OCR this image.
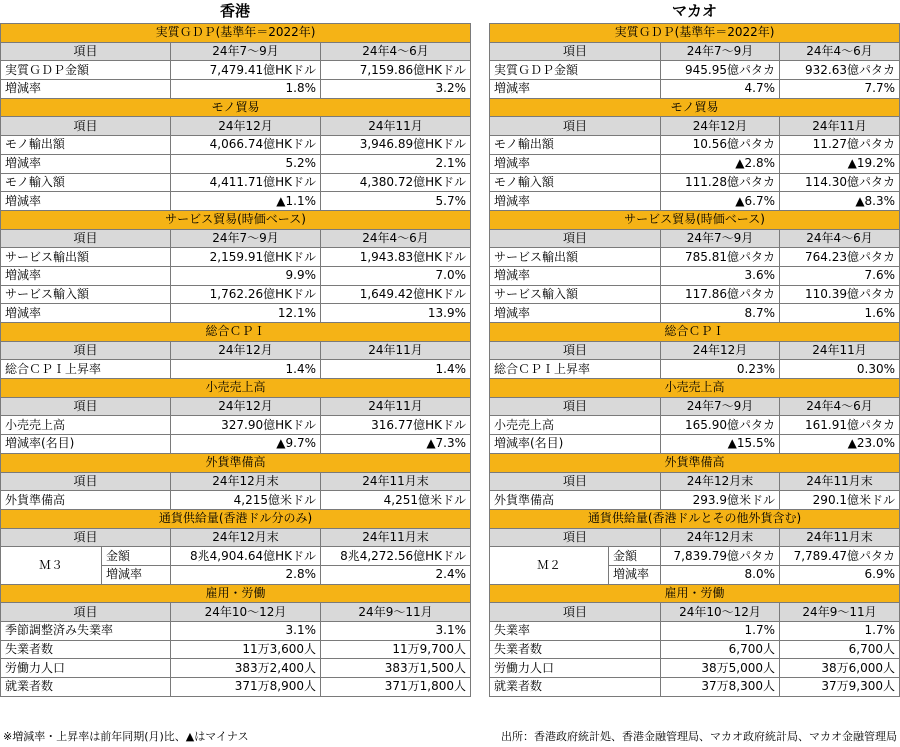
香港	マカオ
実質ＧＤＰ(基準年＝2022年)			
項目		24年7～9月	24年4～6月
実質ＧＤＰ金額		7,479.41億HKドル	7,159.86億HKドル
増減率		1.8%	3.2%
モノ貿易			
項目		24年12月	24年11月
モノ輸出額		4,066.74億HKドル	3,946.89億HKドル
増減率		5.2%	2.1%
モノ輸入額		4,411.71億HKドル	4,380.72億HKドル
増減率		▲1.1%	5.7%
サービス貿易(時価ベース)			
項目		24年7～9月	24年4～6月
サービス輸出額		2,159.91億HKドル	1,943.83億HKドル
増減率		9.9%	7.0%
サービス輸入額		1,762.26億HKドル	1,649.42億HKドル
増減率		12.1%	13.9%
総合ＣＰＩ			
項目		24年12月	24年11月
総合ＣＰＩ上昇率		1.4%	1.4%
小売売上高			
項目		24年12月	24年11月
小売売上高		327.90億HKドル	316.77億HKドル
増減率(名目)		▲9.7%	▲7.3%
外貨準備高			
項目		24年12月末	24年11月末
外貨準備高		4,215億米ドル	4,251億米ドル
通貨供給量(香港ドル分のみ)			
項目		24年12月末	24年11月末
Ｍ３	金額	8兆4,904.64億HKドル	8兆4,272.56億HKドル
	増減率	2.8%	2.4%
雇用・労働			
項目		24年10～12月	24年9～11月
季節調整済み失業率		3.1%	3.1%
失業者数		11万3,600人	11万9,700人
労働力人口		383万2,400人	383万1,500人
就業者数		371万8,900人	371万1,800人
実質ＧＤＰ(基準年＝2022年)			
項目		24年7～9月	24年4～6月
実質ＧＤＰ金額		945.95億パタカ	932.63億パタカ
増減率		4.7%	7.7%
モノ貿易			
項目		24年12月	24年11月
モノ輸出額		10.56億パタカ	11.27億パタカ
増減率		▲2.8%	▲19.2%
モノ輸入額		111.28億パタカ	114.30億パタカ
増減率		▲6.7%	▲8.3%
サービス貿易(時価ベース)			
項目		24年7～9月	24年4～6月
サービス輸出額		785.81億パタカ	764.23億パタカ
増減率		3.6%	7.6%
サービス輸入額		117.86億パタカ	110.39億パタカ
増減率		8.7%	1.6%
総合ＣＰＩ			
項目		24年12月	24年11月
総合ＣＰＩ上昇率		0.23%	0.30%
小売売上高			
項目		24年7～9月	24年4～6月
小売売上高		165.90億パタカ	161.91億パタカ
増減率(名目)		▲15.5%	▲23.0%
外貨準備高			
項目		24年12月末	24年11月末
外貨準備高		293.9億米ドル	290.1億米ドル
通貨供給量(香港ドルとその他外貨含む)			
項目		24年12月末	24年11月末
Ｍ２	金額	7,839.79億パタカ	7,789.47億パタカ
	増減率	8.0%	6.9%
雇用・労働			
項目		24年10～12月	24年9～11月
失業率		1.7%	1.7%
失業者数		6,700人	6,700人
労働力人口		38万5,000人	38万6,000人
就業者数		37万8,300人	37万9,300人
※増減率・上昇率は前年同期(月)比、▲はマイナス	出所：香港政府統計処、香港金融管理局、マカオ政府統計局、マカオ金融管理局
